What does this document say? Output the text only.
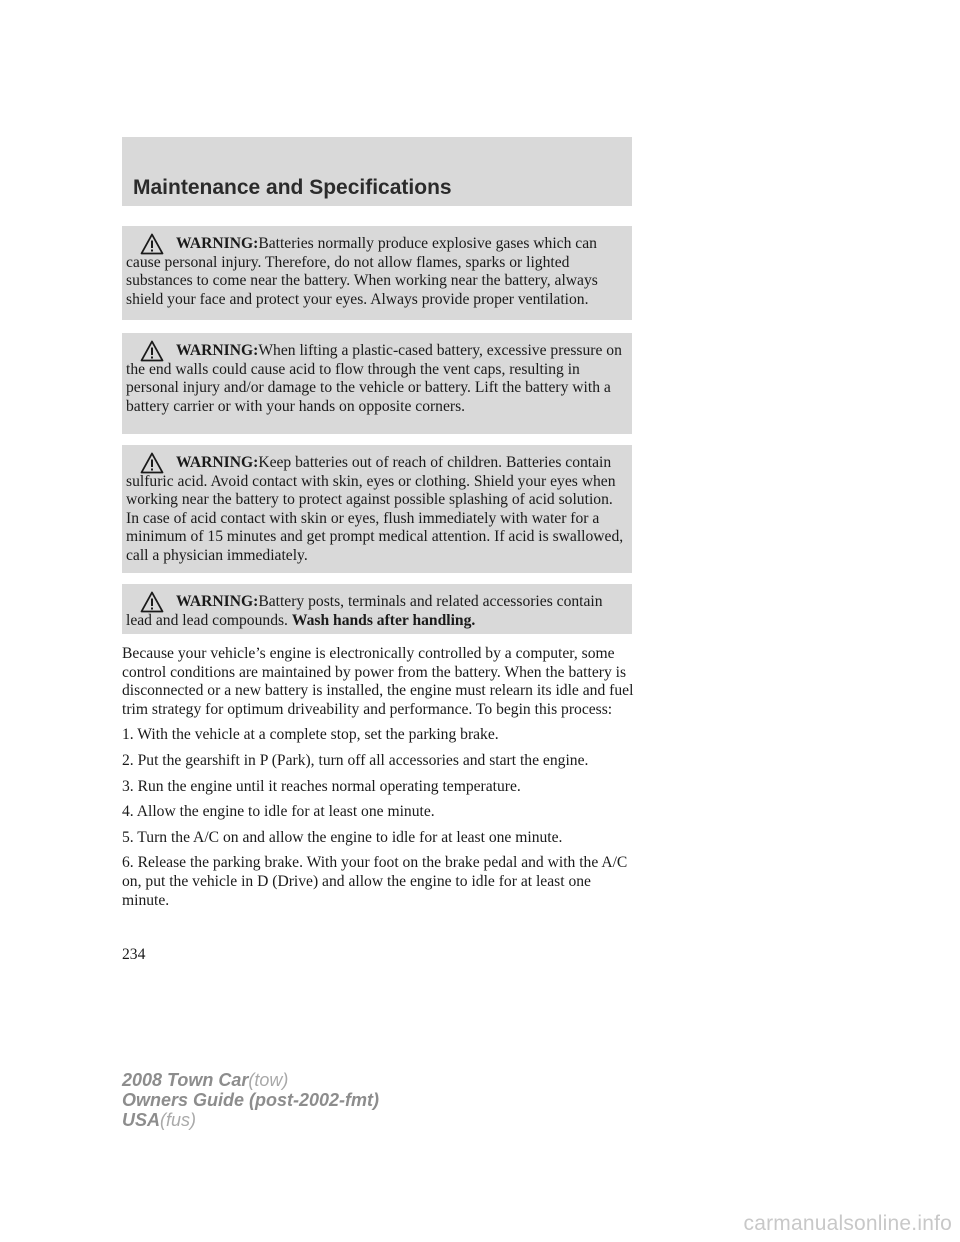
Maintenance and Specifications

WARNING:Batteries normally produce explosive gases which can cause personal injury. Therefore, do not allow flames, sparks or lighted substances to come near the battery. When working near the battery, always shield your face and protect your eyes. Always provide proper ventilation.

WARNING:When lifting a plastic-cased battery, excessive pressure on the end walls could cause acid to flow through the vent caps, resulting in personal injury and/or damage to the vehicle or battery. Lift the battery with a battery carrier or with your hands on opposite corners.

WARNING:Keep batteries out of reach of children. Batteries contain sulfuric acid. Avoid contact with skin, eyes or clothing. Shield your eyes when working near the battery to protect against possible splashing of acid solution. In case of acid contact with skin or eyes, flush immediately with water for a minimum of 15 minutes and get prompt medical attention. If acid is swallowed, call a physician immediately.

WARNING:Battery posts, terminals and related accessories contain lead and lead compounds. Wash hands after handling.

Because your vehicle’s engine is electronically controlled by a computer, some control conditions are maintained by power from the battery. When the battery is disconnected or a new battery is installed, the engine must relearn its idle and fuel trim strategy for optimum driveability and performance. To begin this process:

1. With the vehicle at a complete stop, set the parking brake.

2. Put the gearshift in P (Park), turn off all accessories and start the engine.

3. Run the engine until it reaches normal operating temperature.

4. Allow the engine to idle for at least one minute.

5. Turn the A/C on and allow the engine to idle for at least one minute.

6. Release the parking brake. With your foot on the brake pedal and with the A/C on, put the vehicle in D (Drive) and allow the engine to idle for at least one minute.

234

2008 Town Car(tow)
Owners Guide (post-2002-fmt)
USA(fus)
carmanualsonline.info
